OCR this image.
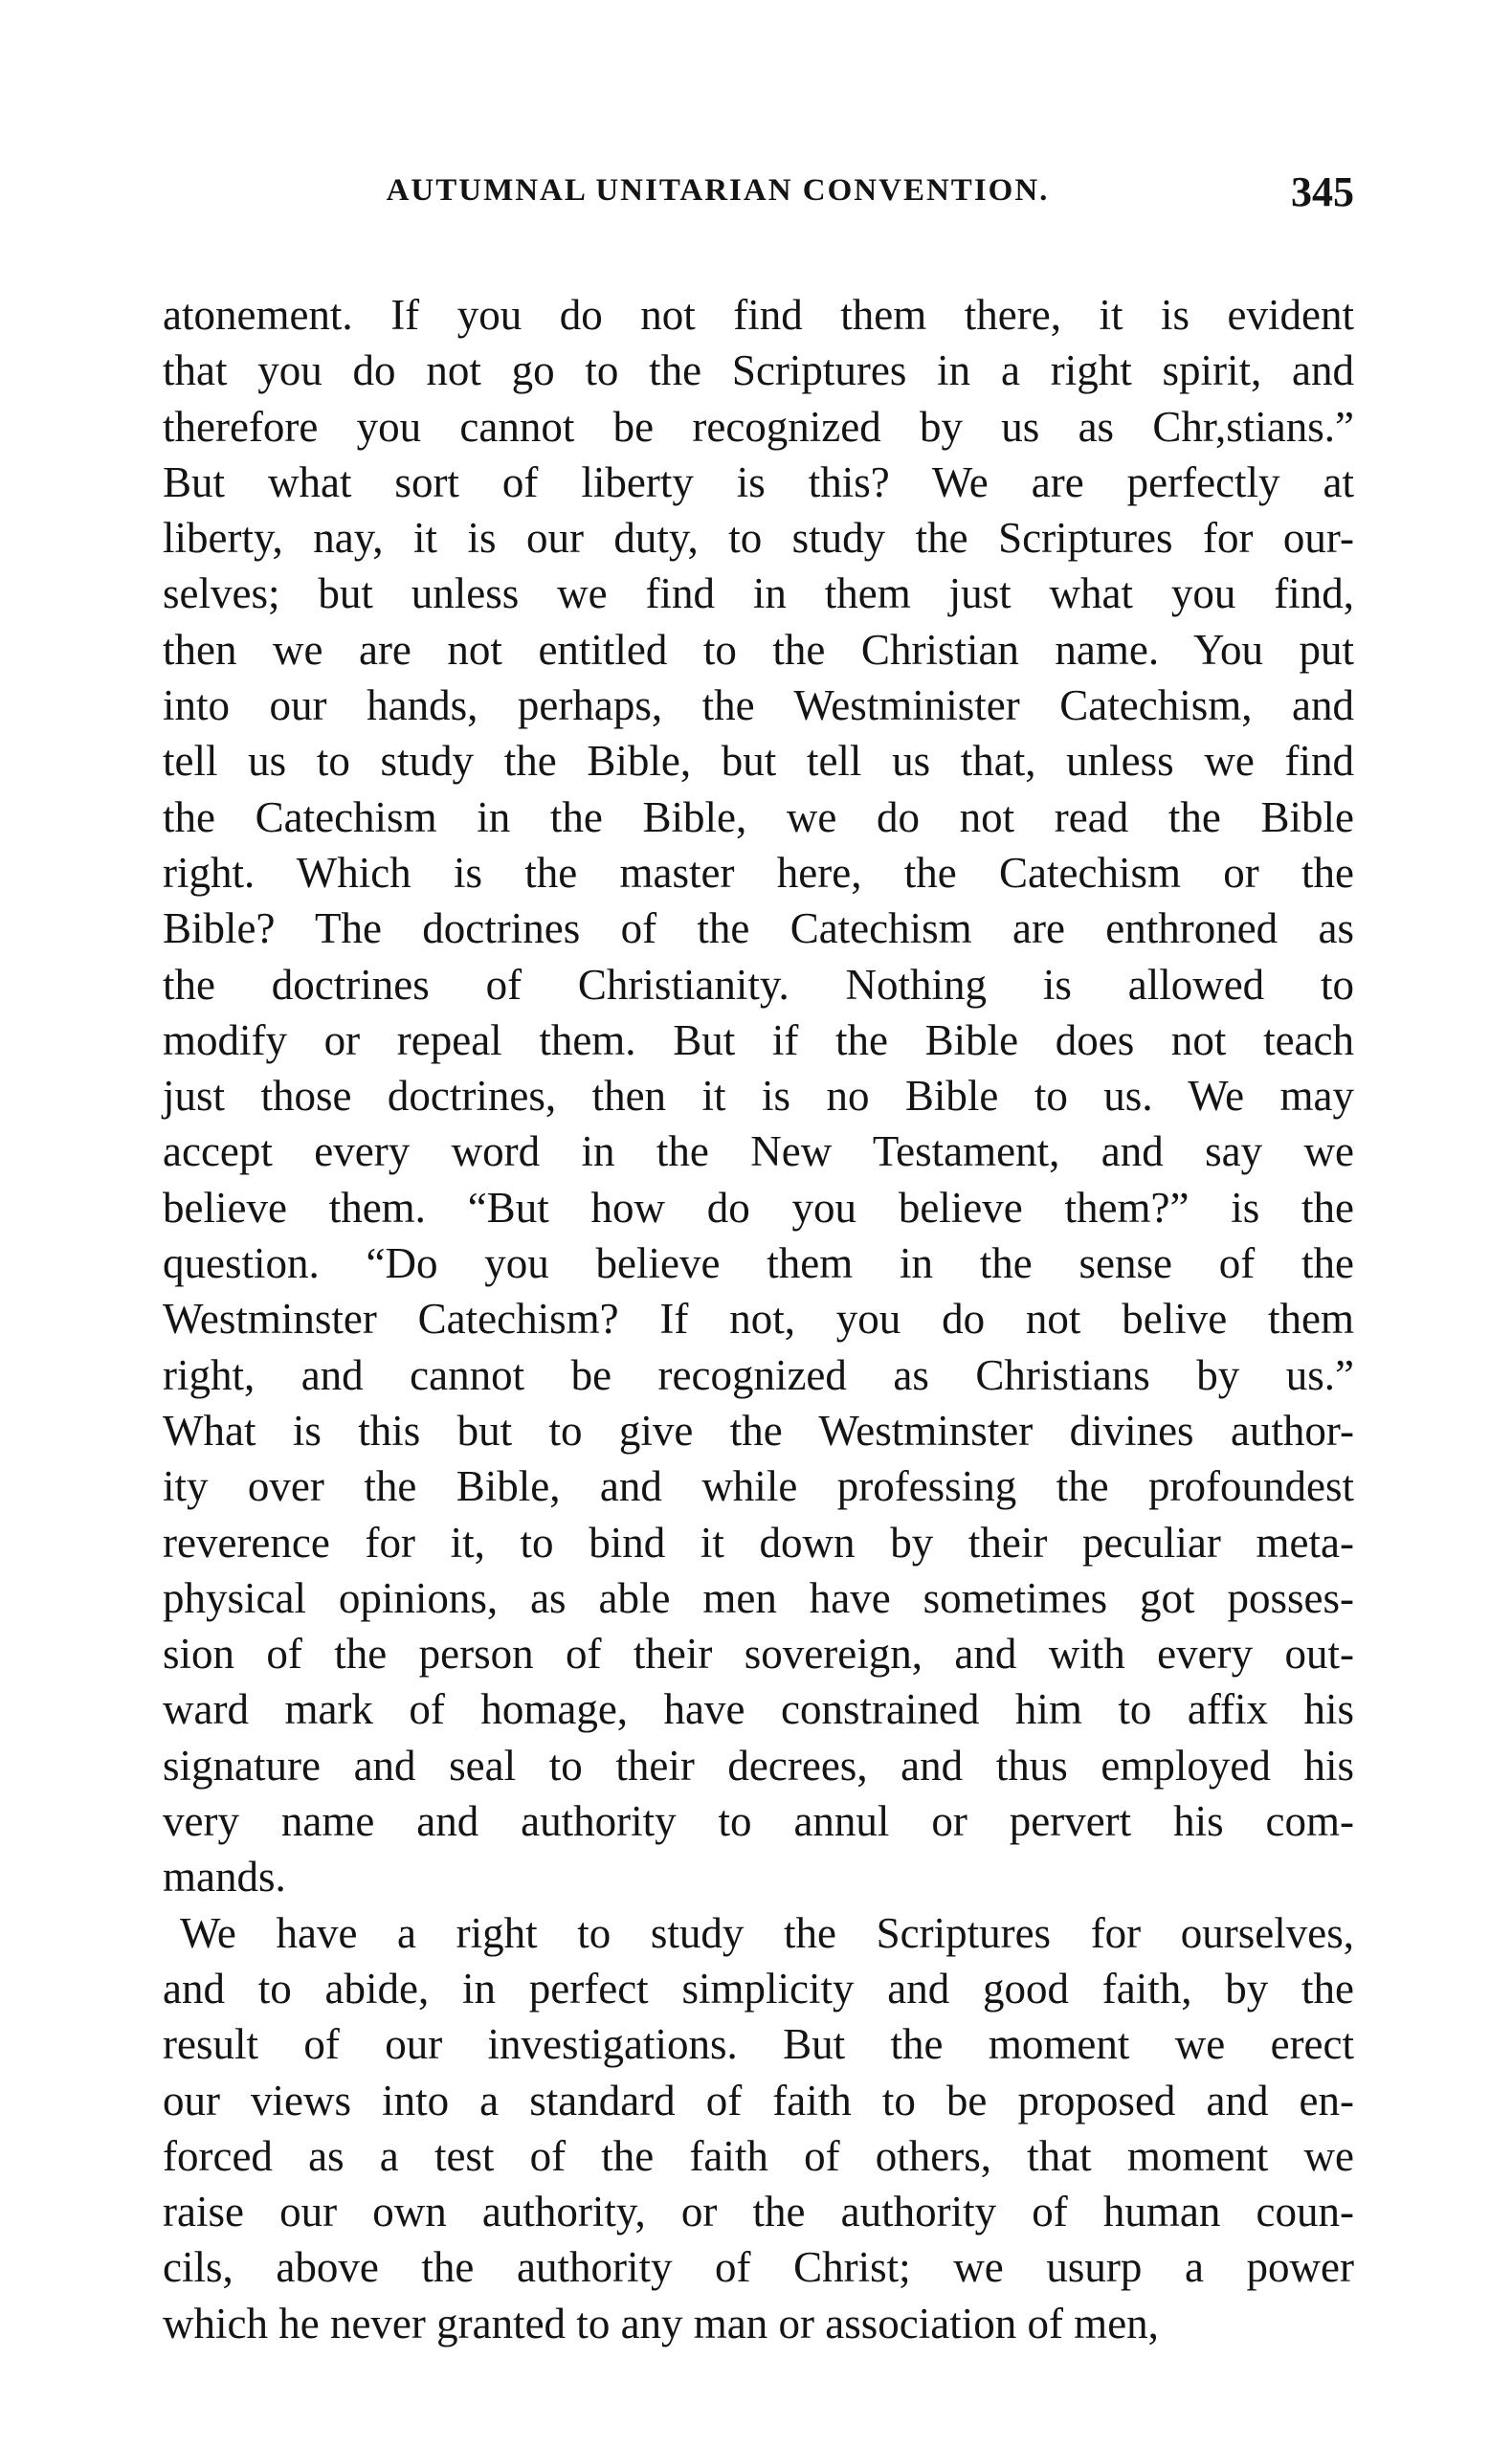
AUTUMNAL UNITARIAN CONVENTION.	345
atonement. If you do not find them there, it is evident
that you do not go to the Scriptures in a right spirit, and
therefore you cannot be recognized by us as Chr,stians.”
But what sort of liberty is this? We are perfectly at
liberty, nay, it is our duty, to study the Scriptures for our-
selves; but unless we find in them just what you find,
then we are not entitled to the Christian name. You put
into our hands, perhaps, the Westminister Catechism, and
tell us to study the Bible, but tell us that, unless we find
the Catechism in the Bible, we do not read the Bible
right. Which is the master here, the Catechism or the
Bible? The doctrines of the Catechism are enthroned as
the doctrines of Christianity. Nothing is allowed to
modify or repeal them. But if the Bible does not teach
just those doctrines, then it is no Bible to us. We may
accept every word in the New Testament, and say we
believe them. “But how do you believe them?” is the
question. “Do you believe them in the sense of the
Westminster Catechism? If not, you do not belive them
right, and cannot be recognized as Christians by us.”
What is this but to give the Westminster divines author-
ity over the Bible, and while professing the profoundest
reverence for it, to bind it down by their peculiar meta-
physical opinions, as able men have sometimes got posses-
sion of the person of their sovereign, and with every out-
ward mark of homage, have constrained him to affix his
signature and seal to their decrees, and thus employed his
very name and authority to annul or pervert his com-
mands.
We have a right to study the Scriptures for ourselves,
and to abide, in perfect simplicity and good faith, by the
result of our investigations. But the moment we erect
our views into a standard of faith to be proposed and en-
forced as a test of the faith of others, that moment we
raise our own authority, or the authority of human coun-
cils, above the authority of Christ; we usurp a power
which he never granted to any man or association of men,
